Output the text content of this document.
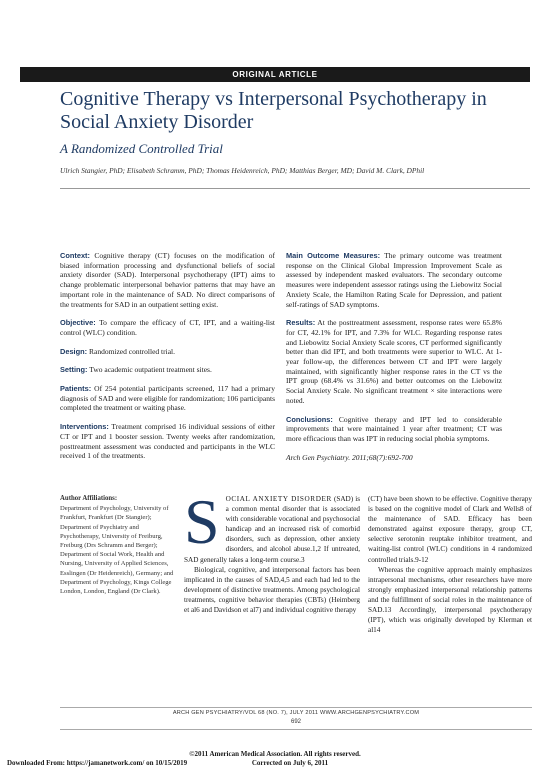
ORIGINAL ARTICLE
Cognitive Therapy vs Interpersonal Psychotherapy in Social Anxiety Disorder
A Randomized Controlled Trial
Ulrich Stangier, PhD; Elisabeth Schramm, PhD; Thomas Heidenreich, PhD; Matthias Berger, MD; David M. Clark, DPhil

Context: Cognitive therapy (CT) focuses on the modification of biased information processing and dysfunctional beliefs of social anxiety disorder (SAD). Interpersonal psychotherapy (IPT) aims to change problematic interpersonal behavior patterns that may have an important role in the maintenance of SAD. No direct comparisons of the treatments for SAD in an outpatient setting exist.

Objective: To compare the efficacy of CT, IPT, and a waiting-list control (WLC) condition.

Design: Randomized controlled trial.

Setting: Two academic outpatient treatment sites.

Patients: Of 254 potential participants screened, 117 had a primary diagnosis of SAD and were eligible for randomization; 106 participants completed the treatment or waiting phase.

Interventions: Treatment comprised 16 individual sessions of either CT or IPT and 1 booster session. Twenty weeks after randomization, posttreatment assessment was conducted and participants in the WLC received 1 of the treatments.

Main Outcome Measures: The primary outcome was treatment response on the Clinical Global Impression Improvement Scale as assessed by independent masked evaluators. The secondary outcome measures were independent assessor ratings using the Liebowitz Social Anxiety Scale, the Hamilton Rating Scale for Depression, and patient self-ratings of SAD symptoms.

Results: At the posttreatment assessment, response rates were 65.8% for CT, 42.1% for IPT, and 7.3% for WLC. Regarding response rates and Liebowitz Social Anxiety Scale scores, CT performed significantly better than did IPT, and both treatments were superior to WLC. At 1-year follow-up, the differences between CT and IPT were largely maintained, with significantly higher response rates in the CT vs the IPT group (68.4% vs 31.6%) and better outcomes on the Liebowitz Social Anxiety Scale. No significant treatment × site interactions were noted.

Conclusions: Cognitive therapy and IPT led to considerable improvements that were maintained 1 year after treatment; CT was more efficacious than was IPT in reducing social phobia symptoms.

Arch Gen Psychiatry. 2011;68(7):692-700

Author Affiliations:
Department of Psychology, University of Frankfurt, Frankfurt (Dr Stangier); Department of Psychiatry and Psychotherapy, University of Freiburg, Freiburg (Drs Schramm and Berger); Department of Social Work, Health and Nursing, University of Applied Sciences, Esslingen (Dr Heidenreich), Germany; and Department of Psychology, Kings College London, London, England (Dr Clark).
S OCIAL ANXIETY DISORDER (SAD) is a common mental disorder that is associated with considerable vocational and psychosocial handicap and an increased risk of comorbid disorders, such as depression, other anxiety disorders, and alcohol abuse.1,2 If untreated, SAD generally takes a long-term course.3

Biological, cognitive, and interpersonal factors has been implicated in the causes of SAD,4,5 and each had led to the development of distinctive treatments. Among psychological treatments, cognitive behavior therapies (CBTs) (Heimberg et al6 and Davidson et al7) and individual cognitive therapy

(CT) have been shown to be effective. Cognitive therapy is based on the cognitive model of Clark and Wells8 of the maintenance of SAD. Efficacy has been demonstrated against exposure therapy, group CT, selective serotonin reuptake inhibitor treatment, and waiting-list control (WLC) conditions in 4 randomized controlled trials.9-12

Whereas the cognitive approach mainly emphasizes intrapersonal mechanisms, other researchers have more strongly emphasized interpersonal relationship patterns and the fulfillment of social roles in the maintenance of SAD.13 Accordingly, interpersonal psychotherapy (IPT), which was originally developed by Klerman et al14

ARCH GEN PSYCHIATRY/VOL 68 (NO. 7), JULY 2011 WWW.ARCHGENPSYCHIATRY.COM
692
©2011 American Medical Association. All rights reserved.
Downloaded From: https://jamanetwork.com/ on 10/15/2019	Corrected on July 6, 2011
